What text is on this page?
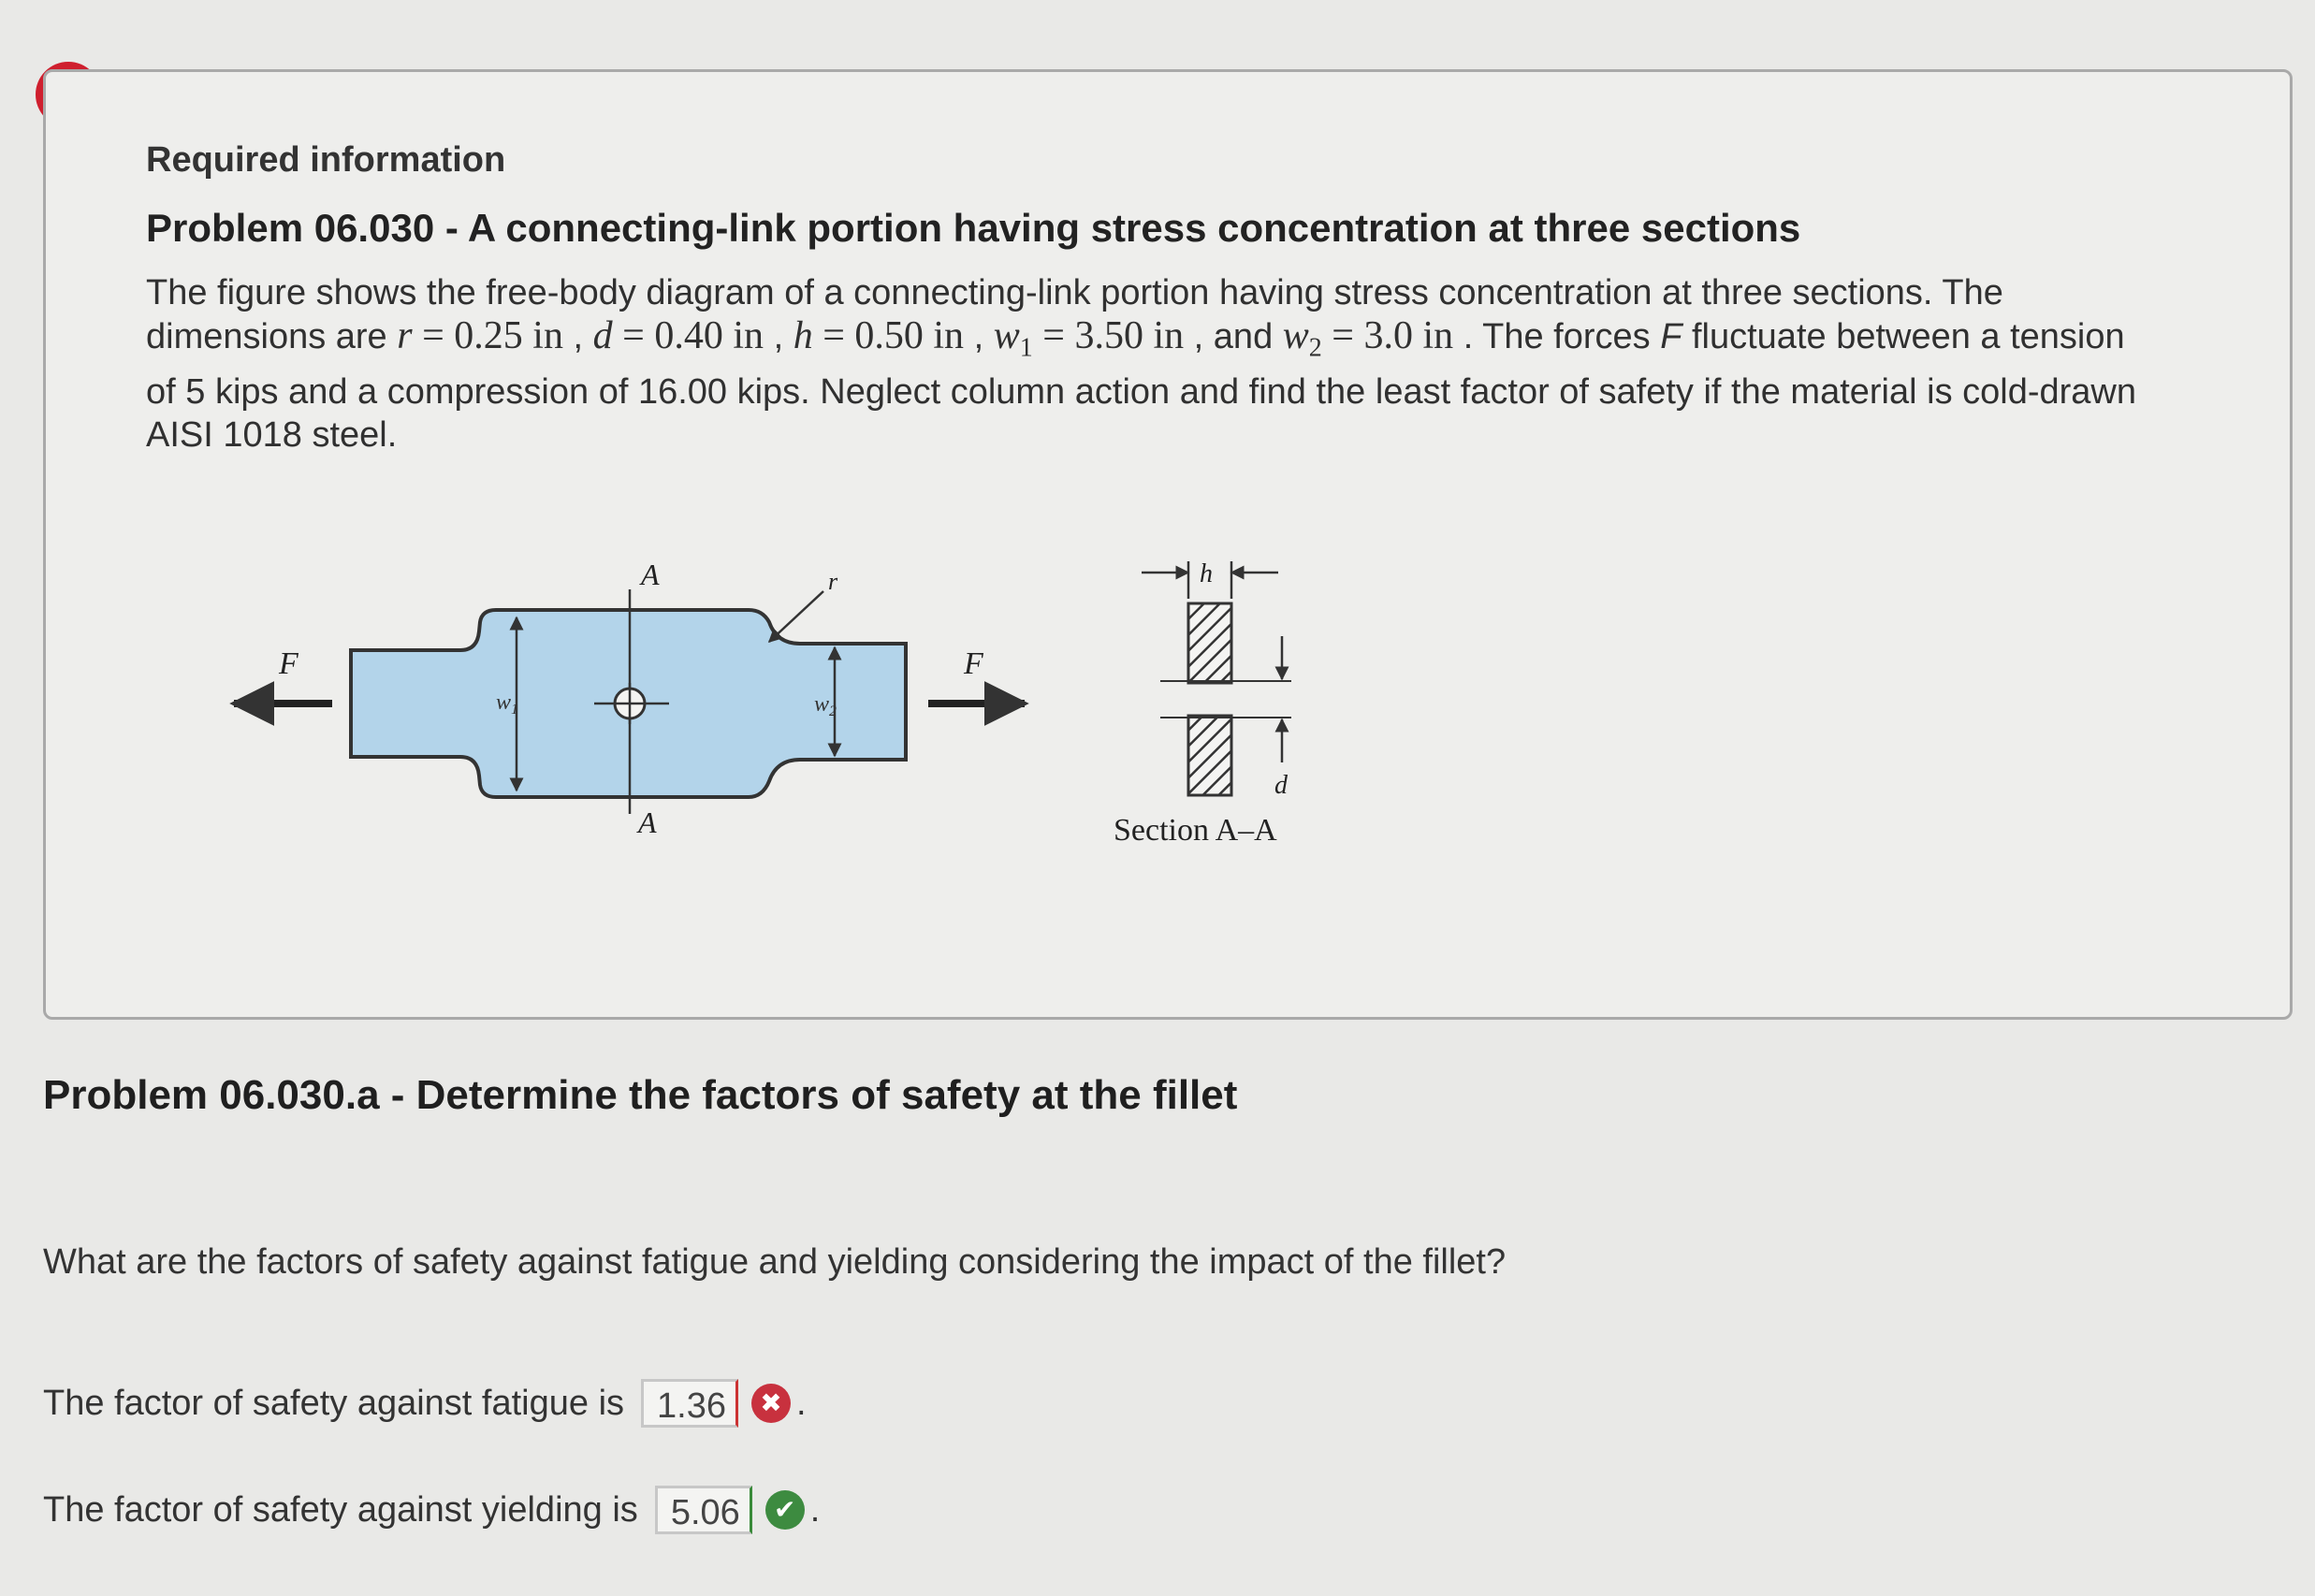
Required information
Problem 06.030 - A connecting-link portion having stress concentration at three sections
The figure shows the free-body diagram of a connecting-link portion having stress concentration at three sections. The dimensions are r = 0.25 in , d = 0.40 in , h = 0.50 in , $w_1 = 3.50$ in , and $w_2 = 3.0$ in . The forces F fluctuate between a tension of 5 kips and a compression of 16.00 kips. Neglect column action and find the least factor of safety if the material is cold-drawn AISI 1018 steel.
F	F
A
A
$w_1$	$w_2$
r	h
d
Section A–A
Problem 06.030.a - Determine the factors of safety at the fillet
What are the factors of safety against fatigue and yielding considering the impact of the fillet?
The factor of safety against fatigue is 1.36	✖ .
The factor of safety against yielding is 5.06	✔ .
